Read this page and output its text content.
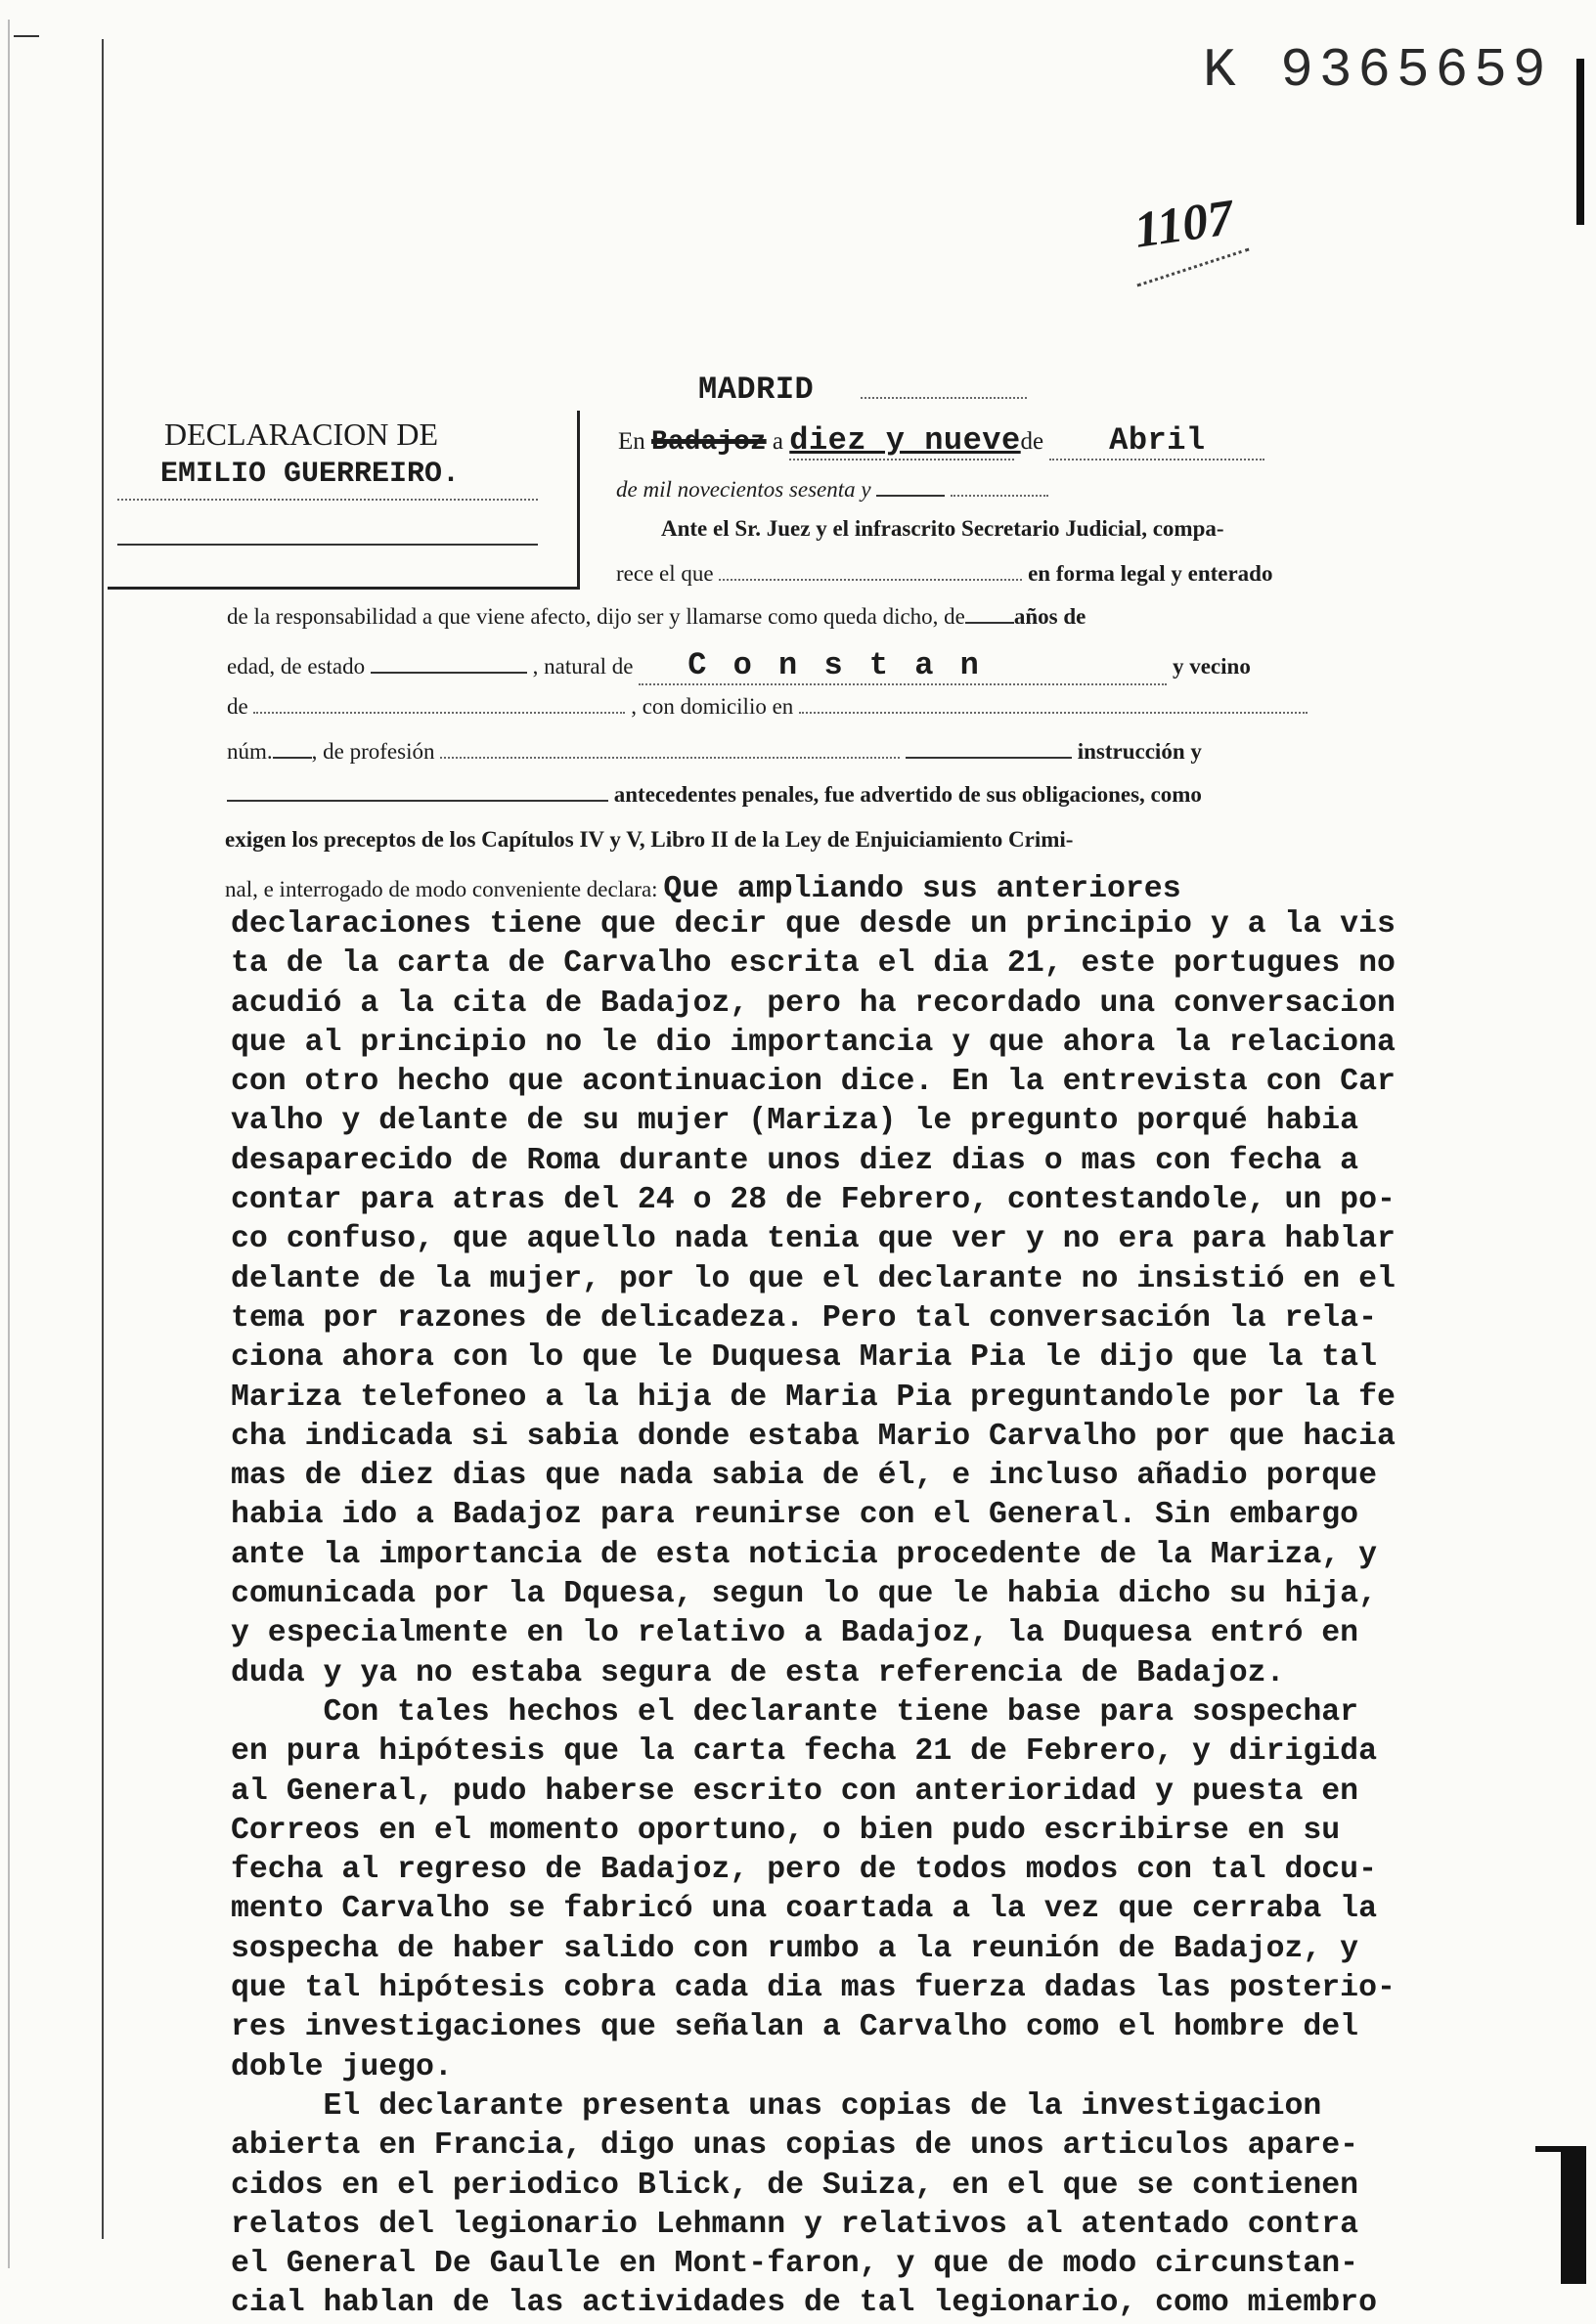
K 9365659
1107
MADRID
DECLARACION DE
EMILIO GUERREIRO.
En Badajoz a diez y nueve de Abril
de mil novecientos sesenta y
Ante el Sr. Juez y el infrascrito Secretario Judicial, compa-
rece el que	en forma legal y enterado
de la responsabilidad a que viene afecto, dijo ser y llamarse como queda dicho, de años de
edad, de estado	, natural de C o n s t a n	y vecino
de	, con domicilio en
núm. , de profesión	instrucción y
antecedentes penales, fue advertido de sus obligaciones, como
exigen los preceptos de los Capítulos IV y V, Libro II de la Ley de Enjuiciamiento Crimi-
nal, e interrogado de modo conveniente declara: Que ampliando sus anteriores
declaraciones tiene que decir que desde un principio y a la vis
ta de la carta de Carvalho escrita el dia 21, este portugues no
acudió a la cita de Badajoz, pero ha recordado una conversacion
que al principio no le dio importancia y que ahora la relaciona
con otro hecho que acontinuacion dice. En la entrevista con Car
valho y delante de su mujer (Mariza) le pregunto porqué habia
desaparecido de Roma durante unos diez dias o mas con fecha a
contar para atras del 24 o 28 de Febrero, contestandole, un po-
co confuso, que aquello nada tenia que ver y no era para hablar
delante de la mujer, por lo que el declarante no insistió en el
tema por razones de delicadeza. Pero tal conversación la rela-
ciona ahora con lo que le Duquesa Maria Pia le dijo que la tal
Mariza telefoneo a la hija de Maria Pia preguntandole por la fe
cha indicada si sabia donde estaba Mario Carvalho por que hacia
mas de diez dias que nada sabia de él, e incluso añadio porque
habia ido a Badajoz para reunirse con el General. Sin embargo
ante la importancia de esta noticia procedente de la Mariza, y
comunicada por la Dquesa, segun lo que le habia dicho su hija,
y especialmente en lo relativo a Badajoz, la Duquesa entró en
duda y ya no estaba segura de esta referencia de Badajoz.
Con tales hechos el declarante tiene base para sospechar
en pura hipótesis que la carta fecha 21 de Febrero, y dirigida
al General, pudo haberse escrito con anterioridad y puesta en
Correos en el momento oportuno, o bien pudo escribirse en su
fecha al regreso de Badajoz, pero de todos modos con tal docu-
mento Carvalho se fabricó una coartada a la vez que cerraba la
sospecha de haber salido con rumbo a la reunión de Badajoz, y
que tal hipótesis cobra cada dia mas fuerza dadas las posterio-
res investigaciones que señalan a Carvalho como el hombre del
doble juego.
El declarante presenta unas copias de la investigacion
abierta en Francia, digo unas copias de unos articulos apare-
cidos en el periodico Blick, de Suiza, en el que se contienen
relatos del legionario Lehmann y relativos al atentado contra
el General De Gaulle en Mont-faron, y que de modo circunstan-
cial hablan de las actividades de tal legionario, como miembro
